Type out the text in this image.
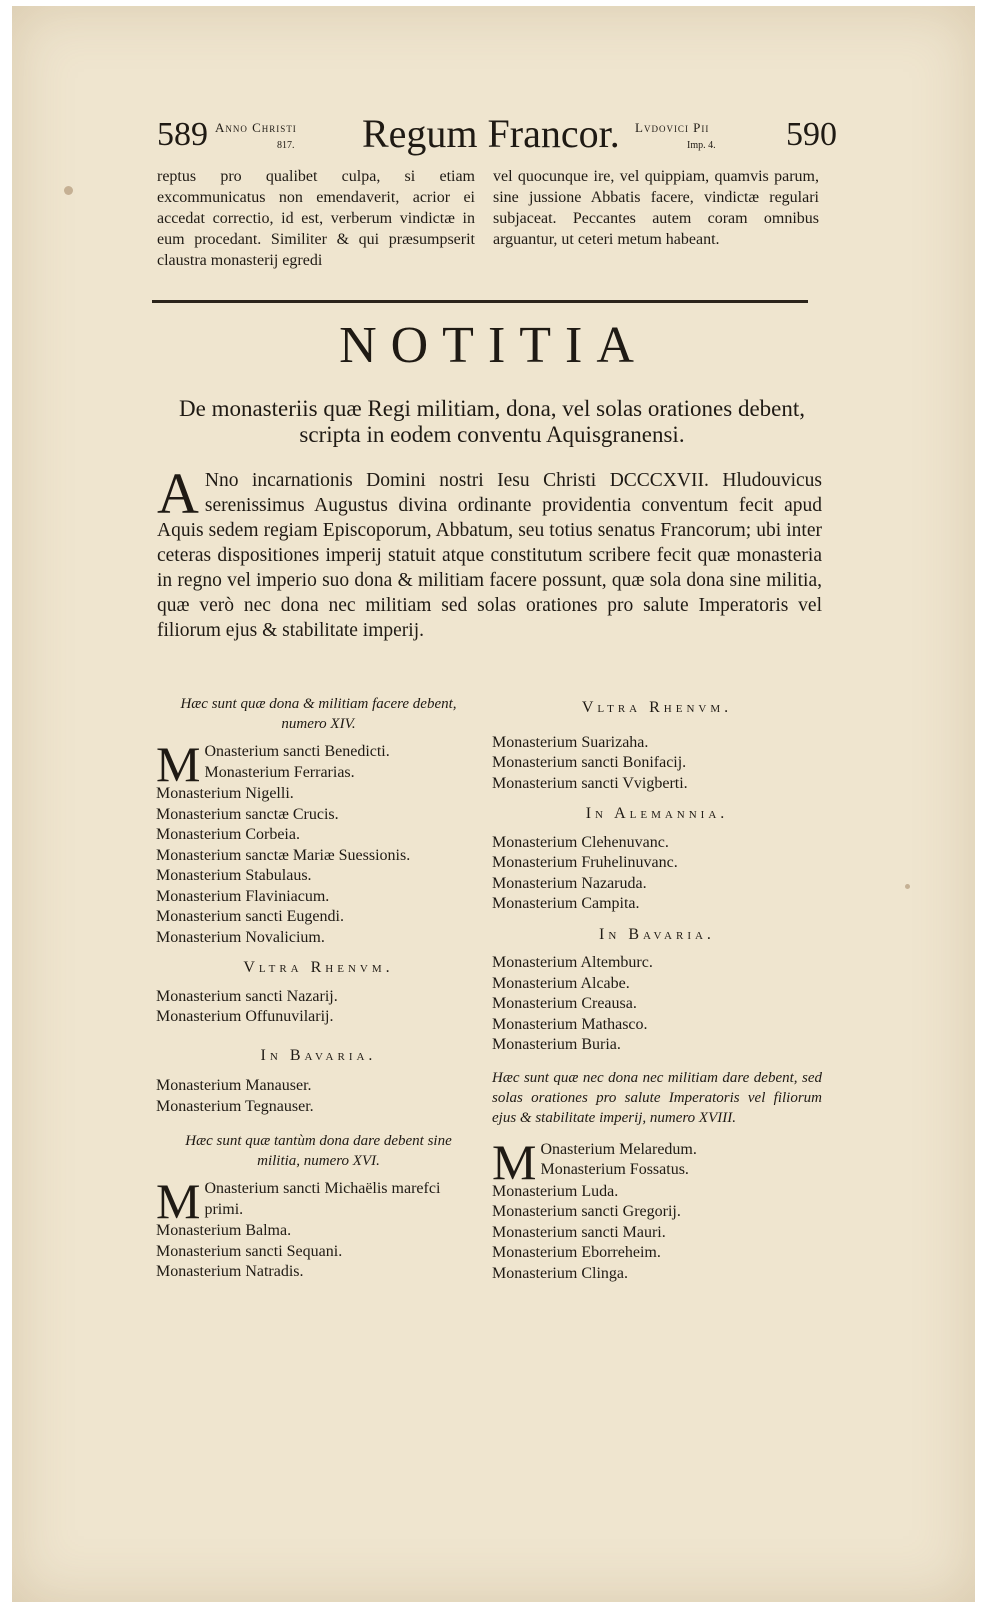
589 Anno Christi
817. Regum Francor. Lvdovici Pii
Imp. 4. 590
reptus pro qualibet culpa, si etiam excommunicatus non emendaverit, acrior ei accedat correctio, id est, verberum vindictæ in eum procedant. Similiter & qui præsumpserit claustra monasterij egredi
vel quocunque ire, vel quippiam, quamvis parum, sine jussione Abbatis facere, vindictæ regulari subjaceat. Peccantes autem coram omnibus arguantur, ut ceteri metum habeant.
NOTITIA
De monasteriis quæ Regi militiam, dona, vel solas orationes debent, scripta in eodem conventu Aquisgranensi.
A Nno incarnationis Domini nostri Iesu Christi DCCCXVII. Hludouvicus serenissimus Augustus divina ordinante providentia conventum fecit apud Aquis sedem regiam Episcoporum, Abbatum, seu totius senatus Francorum; ubi inter ceteras dispositiones imperij statuit atque constitutum scribere fecit quæ monasteria in regno vel imperio suo dona & militiam facere possunt, quæ sola dona sine militia, quæ verò nec dona nec militiam sed solas orationes pro salute Imperatoris vel filiorum ejus & stabilitate imperij.
Hæc sunt quæ dona & militiam facere debent, numero XIV.
M Onasterium sancti Benedicti.
Monasterium Ferrarias.
Monasterium Nigelli.
Monasterium sanctæ Crucis.
Monasterium Corbeia.
Monasterium sanctæ Mariæ Suessionis.
Monasterium Stabulaus.
Monasterium Flaviniacum.
Monasterium sancti Eugendi.
Monasterium Novalicium.
Vltra Rhenvm.
Monasterium sancti Nazarij.
Monasterium Offunuvilarij.
In Bavaria.
Monasterium Manauser.
Monasterium Tegnauser.
Hæc sunt quæ tantùm dona dare debent sine militia, numero XVI.
M Onasterium sancti Michaëlis marefci primi.
Monasterium Balma.
Monasterium sancti Sequani.
Monasterium Natradis.
Vltra Rhenvm.
Monasterium Suarizaha.
Monasterium sancti Bonifacij.
Monasterium sancti Vvigberti.
In Alemannia.
Monasterium Clehenuvanc.
Monasterium Fruhelinuvanc.
Monasterium Nazaruda.
Monasterium Campita.
In Bavaria.
Monasterium Altemburc.
Monasterium Alcabe.
Monasterium Creausa.
Monasterium Mathasco.
Monasterium Buria.
Hæc sunt quæ nec dona nec militiam dare debent, sed solas orationes pro salute Imperatoris vel filiorum ejus & stabilitate imperij, numero XVIII.
M Onasterium Melaredum.
Monasterium Fossatus.
Monasterium Luda.
Monasterium sancti Gregorij.
Monasterium sancti Mauri.
Monasterium Eborreheim.
Monasterium Clinga.
